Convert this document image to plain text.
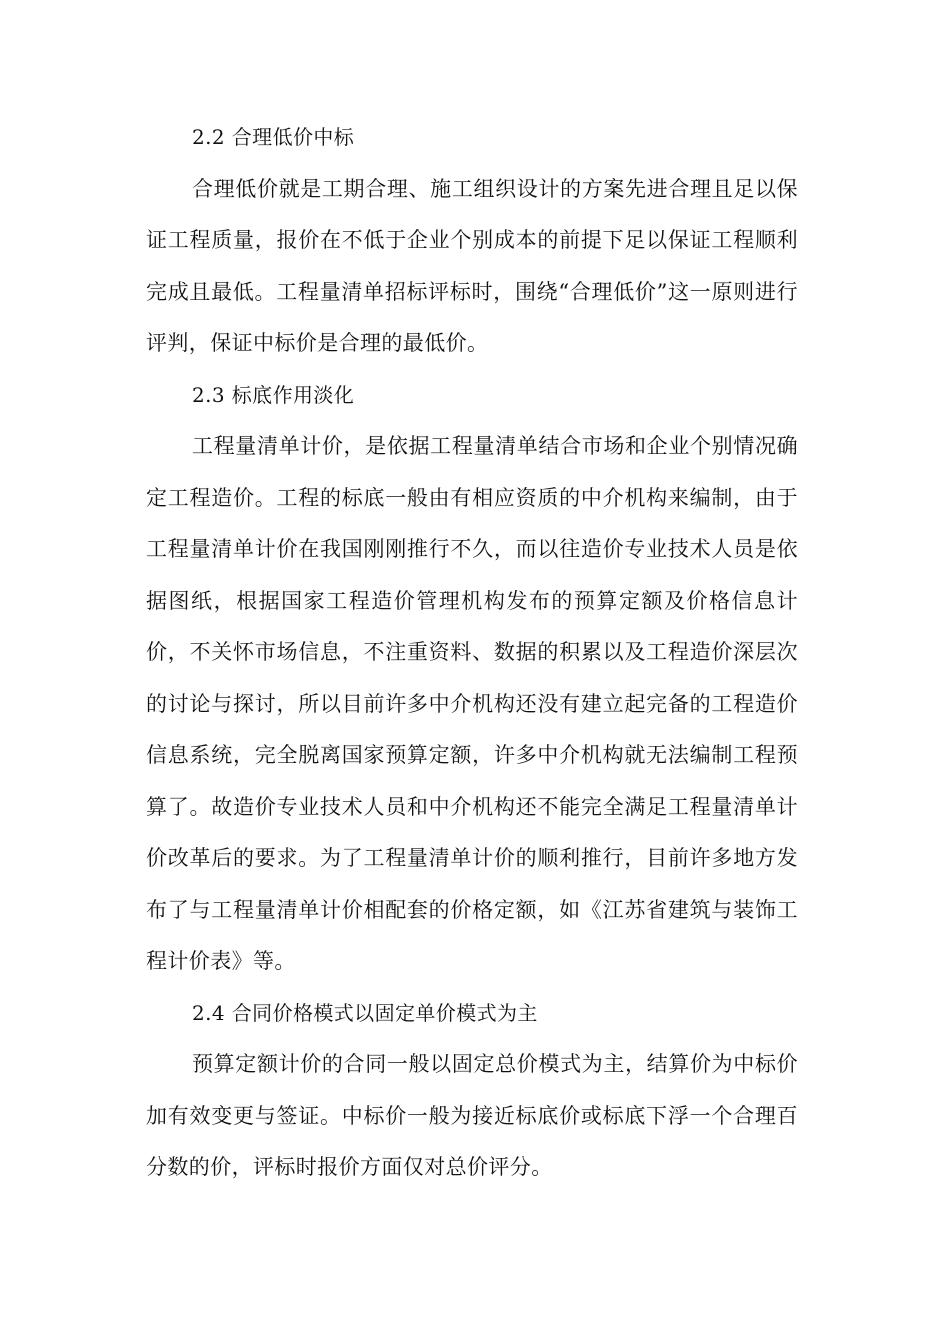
2.2 合理低价中标

合理低价就是工期合理、施工组织设计的方案先进合理且足以保证工程质量，报价在不低于企业个别成本的前提下足以保证工程顺利完成且最低。工程量清单招标评标时，围绕“合理低价”这一原则进行评判，保证中标价是合理的最低价。

2.3 标底作用淡化

工程量清单计价，是依据工程量清单结合市场和企业个别情况确定工程造价。工程的标底一般由有相应资质的中介机构来编制，由于工程量清单计价在我国刚刚推行不久，而以往造价专业技术人员是依据图纸，根据国家工程造价管理机构发布的预算定额及价格信息计价，不关怀市场信息，不注重资料、数据的积累以及工程造价深层次的讨论与探讨，所以目前许多中介机构还没有建立起完备的工程造价信息系统，完全脱离国家预算定额，许多中介机构就无法编制工程预算了。故造价专业技术人员和中介机构还不能完全满足工程量清单计价改革后的要求。为了工程量清单计价的顺利推行，目前许多地方发布了与工程量清单计价相配套的价格定额，如《江苏省建筑与装饰工程计价表》等。

2.4 合同价格模式以固定单价模式为主

预算定额计价的合同一般以固定总价模式为主，结算价为中标价加有效变更与签证。中标价一般为接近标底价或标底下浮一个合理百分数的价，评标时报价方面仅对总价评分。
